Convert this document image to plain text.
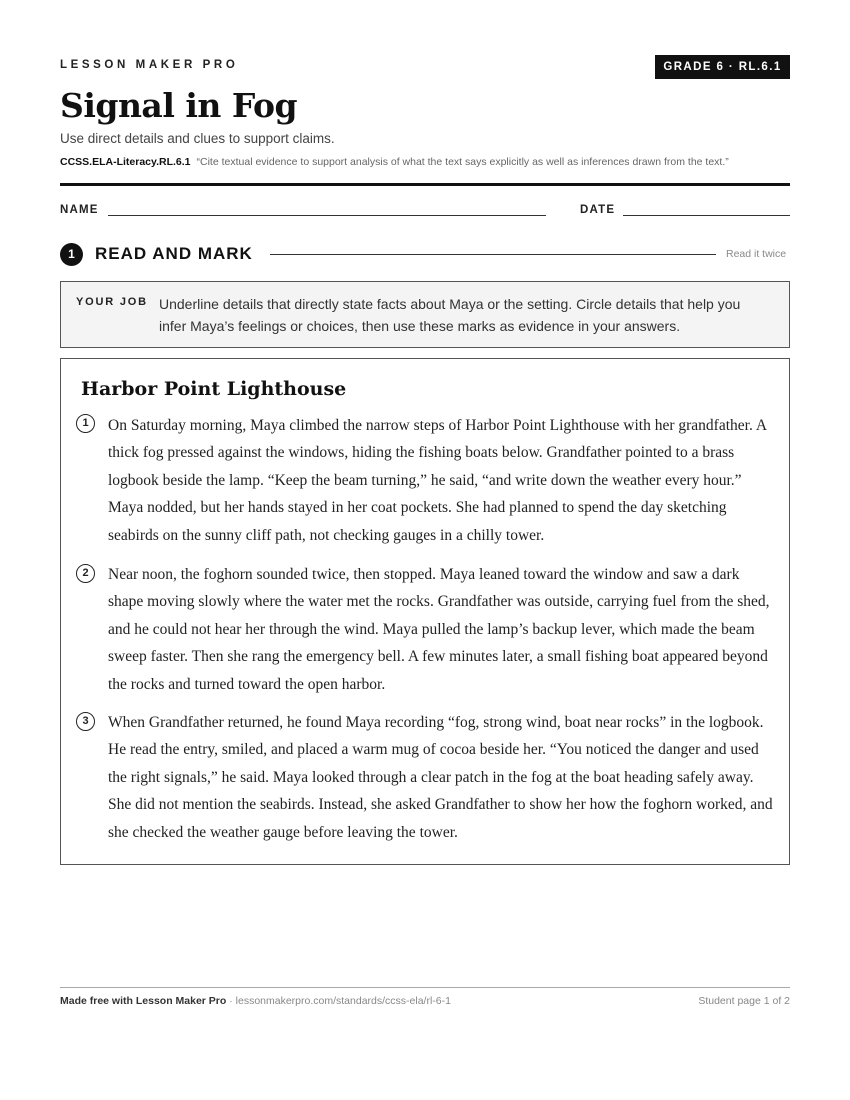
LESSON MAKER PRO	GRADE 6 · RL.6.1
Signal in Fog
Use direct details and clues to support claims.
CCSS.ELA-Literacy.RL.6.1 “Cite textual evidence to support analysis of what the text says explicitly as well as inferences drawn from the text.”
NAME	DATE
1	READ AND MARK	Read it twice
YOUR JOB Underline details that directly state facts about Maya or the setting. Circle details that help you infer Maya’s feelings or choices, then use these marks as evidence in your answers.
Harbor Point Lighthouse
1	On Saturday morning, Maya climbed the narrow steps of Harbor Point Lighthouse with her grandfather. A thick fog pressed against the windows, hiding the fishing boats below. Grandfather pointed to a brass logbook beside the lamp. “Keep the beam turning,” he said, “and write down the weather every hour.” Maya nodded, but her hands stayed in her coat pockets. She had planned to spend the day sketching seabirds on the sunny cliff path, not checking gauges in a chilly tower.
2	Near noon, the foghorn sounded twice, then stopped. Maya leaned toward the window and saw a dark shape moving slowly where the water met the rocks. Grandfather was outside, carrying fuel from the shed, and he could not hear her through the wind. Maya pulled the lamp’s backup lever, which made the beam sweep faster. Then she rang the emergency bell. A few minutes later, a small fishing boat appeared beyond the rocks and turned toward the open harbor.
3	When Grandfather returned, he found Maya recording “fog, strong wind, boat near rocks” in the logbook. He read the entry, smiled, and placed a warm mug of cocoa beside her. “You noticed the danger and used the right signals,” he said. Maya looked through a clear patch in the fog at the boat heading safely away. She did not mention the seabirds. Instead, she asked Grandfather to show her how the foghorn worked, and she checked the weather gauge before leaving the tower.
Made free with Lesson Maker Pro · lessonmakerpro.com/standards/ccss-ela/rl-6-1	Student page 1 of 2
